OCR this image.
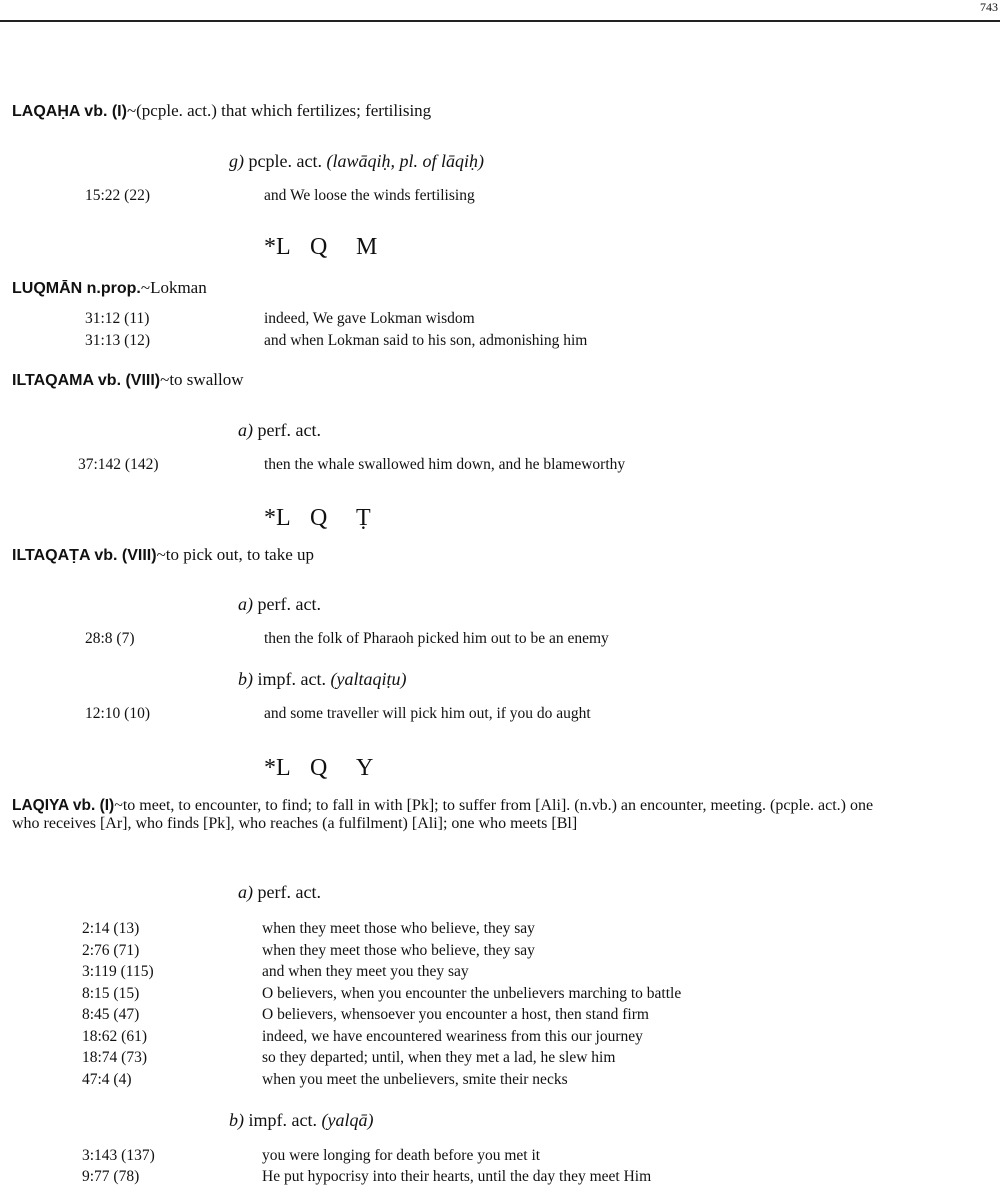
743
LAQAḤA vb. (I)~(pcple. act.) that which fertilizes; fertilising
g) pcple. act. (lawāqiḥ, pl. of lāqiḥ)
15:22 (22)	and We loose the winds fertilising
*L Q M
LUQMĀN n.prop.~Lokman
31:12 (11)	indeed, We gave Lokman wisdom
31:13 (12)	and when Lokman said to his son, admonishing him
ILTAQAMA vb. (VIII)~to swallow
a) perf. act.
37:142 (142)	then the whale swallowed him down, and he blameworthy
*L Q Ṭ
ILTAQAṬA vb. (VIII)~to pick out, to take up
a) perf. act.
28:8 (7)	then the folk of Pharaoh picked him out to be an enemy
b) impf. act. (yaltaqiṭu)
12:10 (10)	and some traveller will pick him out, if you do aught
*L Q Y
LAQIYA vb. (I)~to meet, to encounter, to find; to fall in with [Pk]; to suffer from [Ali]. (n.vb.) an encounter, meeting. (pcple. act.) one who receives [Ar], who finds [Pk], who reaches (a fulfilment) [Ali]; one who meets [Bl]
a) perf. act.
2:14 (13)	when they meet those who believe, they say
2:76 (71)	when they meet those who believe, they say
3:119 (115)	and when they meet you they say
8:15 (15)	O believers, when you encounter the unbelievers marching to battle
8:45 (47)	O believers, whensoever you encounter a host, then stand firm
18:62 (61)	indeed, we have encountered weariness from this our journey
18:74 (73)	so they departed; until, when they met a lad, he slew him
47:4 (4)	when you meet the unbelievers, smite their necks
b) impf. act. (yalqā)
3:143 (137)	you were longing for death before you met it
9:77 (78)	He put hypocrisy into their hearts, until the day they meet Him
